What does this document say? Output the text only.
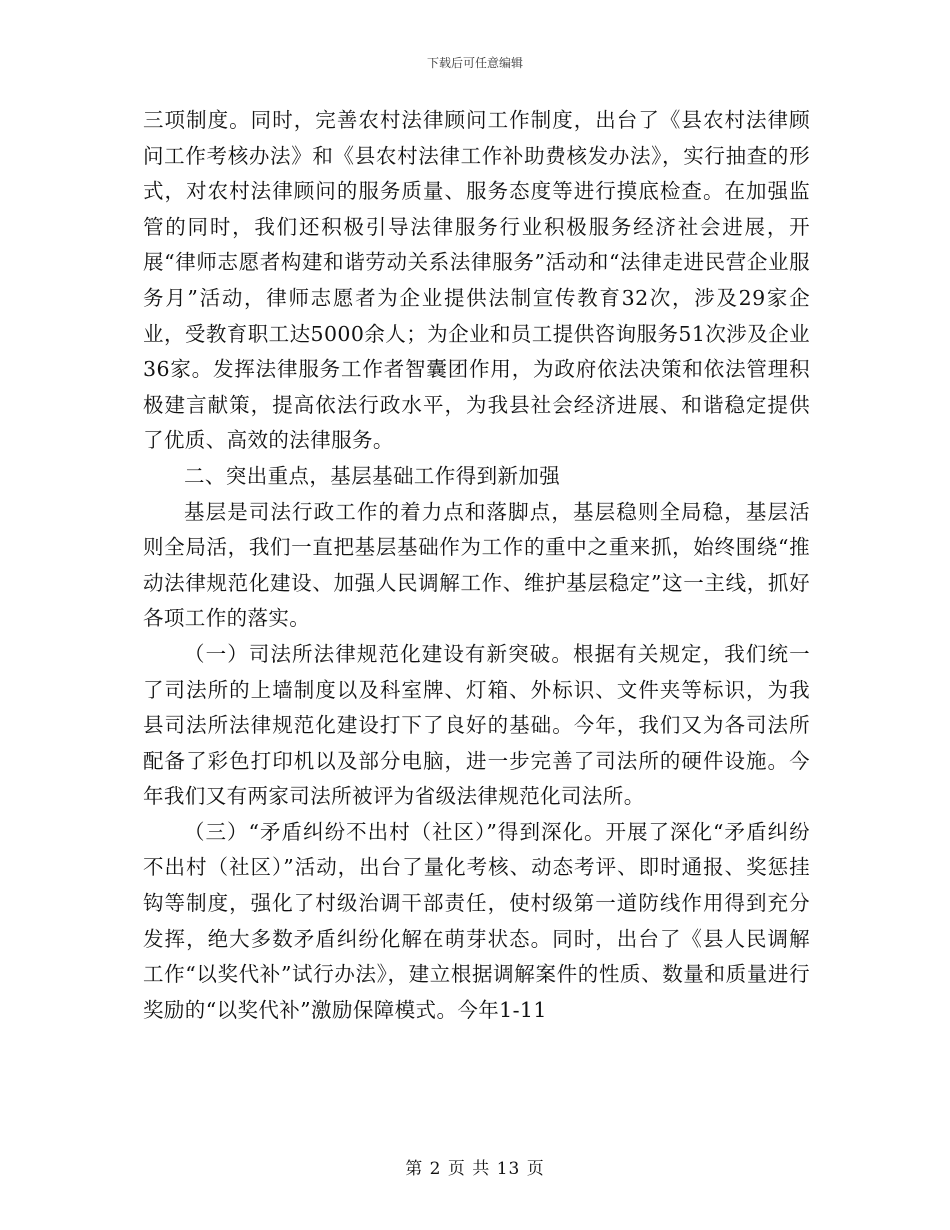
下载后可任意编辑

三项制度。同时，完善农村法律顾问工作制度，出台了《县农村法律顾问工作考核办法》和《县农村法律工作补助费核发办法》，实行抽查的形式，对农村法律顾问的服务质量、服务态度等进行摸底检查。在加强监管的同时，我们还积极引导法律服务行业积极服务经济社会进展，开展“律师志愿者构建和谐劳动关系法律服务”活动和“法律走进民营企业服务月”活动，律师志愿者为企业提供法制宣传教育32次，涉及29家企业，受教育职工达5000余人；为企业和员工提供咨询服务51次涉及企业36家。发挥法律服务工作者智囊团作用，为政府依法决策和依法管理积极建言献策，提高依法行政水平，为我县社会经济进展、和谐稳定提供了优质、高效的法律服务。

二、突出重点，基层基础工作得到新加强

基层是司法行政工作的着力点和落脚点，基层稳则全局稳，基层活则全局活，我们一直把基层基础作为工作的重中之重来抓，始终围绕“推动法律规范化建设、加强人民调解工作、维护基层稳定”这一主线，抓好各项工作的落实。

（一）司法所法律规范化建设有新突破。根据有关规定，我们统一了司法所的上墙制度以及科室牌、灯箱、外标识、文件夹等标识，为我县司法所法律规范化建设打下了良好的基础。今年，我们又为各司法所配备了彩色打印机以及部分电脑，进一步完善了司法所的硬件设施。今年我们又有两家司法所被评为省级法律规范化司法所。

（三）“矛盾纠纷不出村（社区）”得到深化。开展了深化“矛盾纠纷不出村（社区）”活动，出台了量化考核、动态考评、即时通报、奖惩挂钩等制度，强化了村级治调干部责任，使村级第一道防线作用得到充分发挥，绝大多数矛盾纠纷化解在萌芽状态。同时，出台了《县人民调解工作“以奖代补”试行办法》，建立根据调解案件的性质、数量和质量进行奖励的“以奖代补”激励保障模式。今年1-11

第 2 页 共 13 页
